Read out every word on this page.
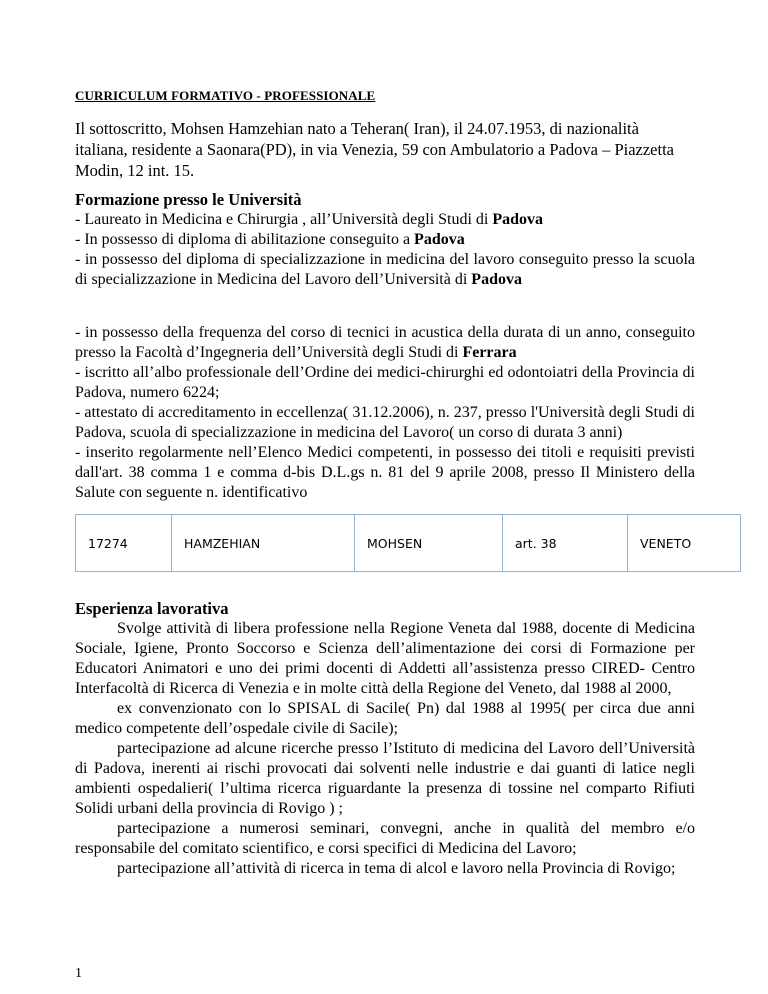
CURRICULUM FORMATIVO - PROFESSIONALE
Il sottoscritto, Mohsen Hamzehian nato a Teheran( Iran), il 24.07.1953, di nazionalità italiana, residente a Saonara(PD), in via Venezia, 59 con Ambulatorio a Padova – Piazzetta Modin, 12 int. 15.
Formazione presso le Università
- Laureato in Medicina e Chirurgia , all’Università degli Studi di Padova
- In possesso di diploma di abilitazione conseguito a Padova
- in possesso del diploma di specializzazione in medicina del lavoro conseguito presso la scuola di specializzazione in Medicina del Lavoro dell’Università di Padova
- in possesso della frequenza del corso di tecnici in acustica della durata di un anno, conseguito presso la Facoltà d’Ingegneria dell’Università degli Studi di Ferrara
- iscritto all’albo professionale dell’Ordine dei medici-chirurghi ed odontoiatri della Provincia di Padova, numero 6224;
- attestato di accreditamento in eccellenza( 31.12.2006), n. 237, presso l'Università degli Studi di Padova, scuola di specializzazione in medicina del Lavoro( un corso di durata 3 anni)
- inserito regolarmente nell’Elenco Medici competenti, in possesso dei titoli e requisiti previsti dall'art. 38 comma 1 e comma d-bis D.L.gs n. 81 del 9 aprile 2008, presso Il Ministero della Salute con seguente n. identificativo
17274	HAMZEHIAN	MOHSEN	art. 38	VENETO
Esperienza lavorativa
Svolge attività di libera professione nella Regione Veneta dal 1988, docente di Medicina Sociale, Igiene, Pronto Soccorso e Scienza dell’alimentazione dei corsi di Formazione per Educatori Animatori e uno dei primi docenti di Addetti all’assistenza presso CIRED- Centro Interfacoltà di Ricerca di Venezia e in molte città della Regione del Veneto, dal 1988 al 2000,
ex convenzionato con lo SPISAL di Sacile( Pn) dal 1988 al 1995( per circa due anni medico competente dell’ospedale civile di Sacile);
partecipazione ad alcune ricerche presso l’Istituto di medicina del Lavoro dell’Università di Padova, inerenti ai rischi provocati dai solventi nelle industrie e dai guanti di latice negli ambienti ospedalieri( l’ultima ricerca riguardante la presenza di tossine nel comparto Rifiuti Solidi urbani della provincia di Rovigo ) ;
partecipazione a numerosi seminari, convegni, anche in qualità del membro e/o responsabile del comitato scientifico, e corsi specifici di Medicina del Lavoro;
partecipazione all’attività di ricerca in tema di alcol e lavoro nella Provincia di Rovigo;
1
